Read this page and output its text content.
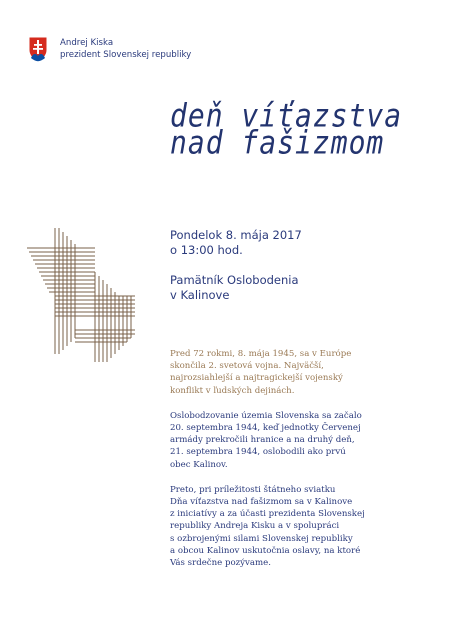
Andrej Kiska
prezident Slovenskej republiky
deň víťazstva
nad fašizmom
Pondelok 8. mája 2017
o 13:00 hod.
Pamätník Oslobodenia
v Kalinove

Pred 72 rokmi, 8. mája 1945, sa v Európe
skončila 2. svetová vojna. Najväčší,
najrozsiahlejší a najtragickejší vojenský
konflikt v ľudských dejinách.

Oslobodzovanie územia Slovenska sa začalo
20. septembra 1944, keď jednotky Červenej
armády prekročili hranice a na druhý deň,
21. septembra 1944, oslobodili ako prvú
obec Kalinov.

Preto, pri príležitosti štátneho sviatku
Dňa víťazstva nad fašizmom sa v Kalinove
z iniciatívy a za účasti prezidenta Slovenskej
republiky Andreja Kisku a v spolupráci
s ozbrojenými silami Slovenskej republiky
a obcou Kalinov uskutočnia oslavy, na ktoré
Vás srdečne pozývame.
